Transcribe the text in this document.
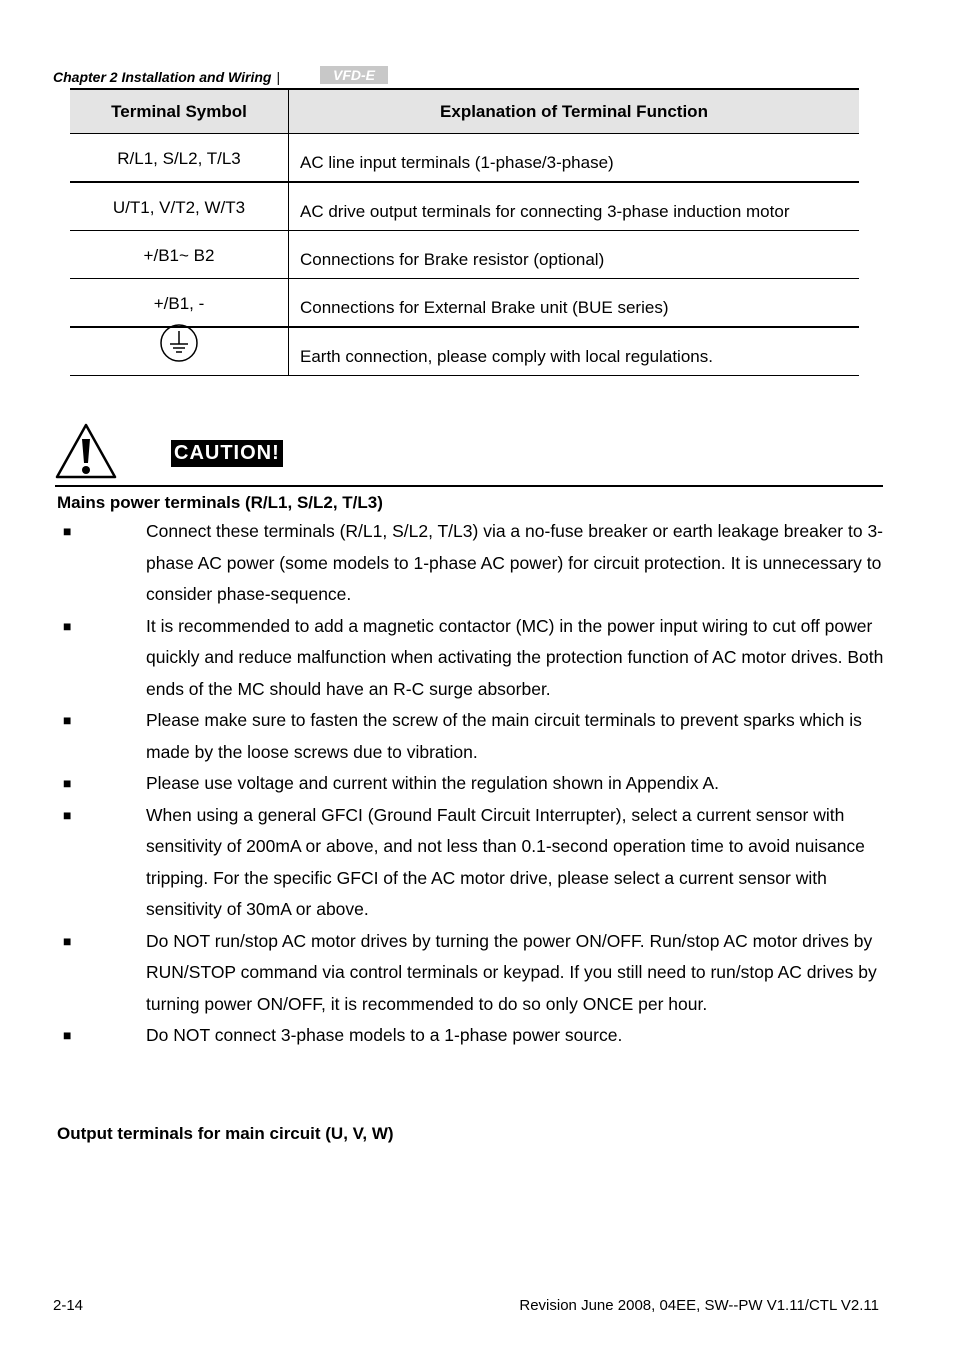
Chapter 2 Installation and Wiring |	VFD-E
Terminal Symbol	Explanation of Terminal Function
R/L1, S/L2, T/L3	AC line input terminals (1-phase/3-phase)
U/T1, V/T2, W/T3	AC drive output terminals for connecting 3-phase induction motor
+/B1~ B2	Connections for Brake resistor (optional)
+/B1, -	Connections for External Brake unit (BUE series)
	Earth connection, please comply with local regulations.
CAUTION!
Mains power terminals (R/L1, S/L2, T/L3)
■	Connect these terminals (R/L1, S/L2, T/L3) via a no-fuse breaker or earth leakage breaker to 3-phase AC power (some models to 1-phase AC power) for circuit protection. It is unnecessary to consider phase-sequence.
■	It is recommended to add a magnetic contactor (MC) in the power input wiring to cut off power quickly and reduce malfunction when activating the protection function of AC motor drives. Both ends of the MC should have an R-C surge absorber.
■	Please make sure to fasten the screw of the main circuit terminals to prevent sparks which is made by the loose screws due to vibration.
■	Please use voltage and current within the regulation shown in Appendix A.
■	When using a general GFCI (Ground Fault Circuit Interrupter), select a current sensor with sensitivity of 200mA or above, and not less than 0.1-second operation time to avoid nuisance tripping. For the specific GFCI of the AC motor drive, please select a current sensor with sensitivity of 30mA or above.
■	Do NOT run/stop AC motor drives by turning the power ON/OFF. Run/stop AC motor drives by RUN/STOP command via control terminals or keypad. If you still need to run/stop AC drives by turning power ON/OFF, it is recommended to do so only ONCE per hour.
■	Do NOT connect 3-phase models to a 1-phase power source.
Output terminals for main circuit (U, V, W)
2-14	Revision June 2008, 04EE, SW--PW V1.11/CTL V2.11
